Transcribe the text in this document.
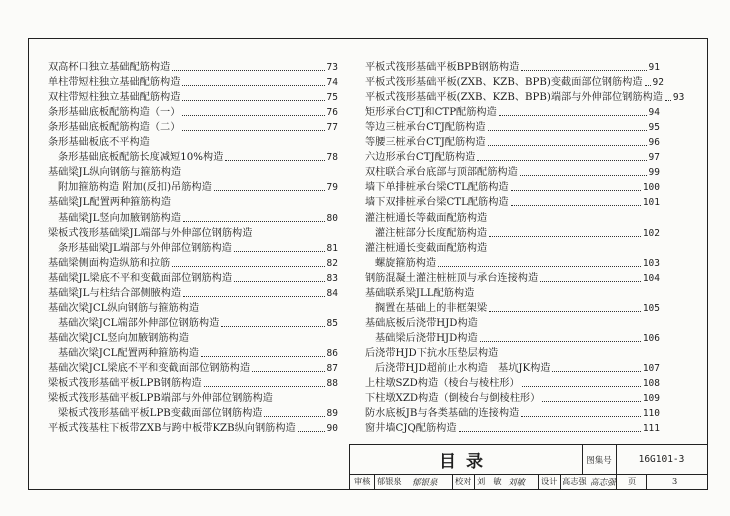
双高杯口独立基础配筋构造	73
单柱带短柱独立基础配筋构造	74
双柱带短柱独立基础配筋构造	75
条形基础底板配筋构造（一）	76
条形基础底板配筋构造（二）	77
条形基础板底不平构造
条形基础底板配筋长度减短10%构造	78
基础梁JL纵向钢筋与箍筋构造
附加箍筋构造 附加(反扣)吊筋构造	79
基础梁JL配置两种箍筋构造
基础梁JL竖向加腋钢筋构造	80
梁板式筏形基础梁JL端部与外伸部位钢筋构造
条形基础梁JL端部与外伸部位钢筋构造	81
基础梁侧面构造纵筋和拉筋	82
基础梁JL梁底不平和变截面部位钢筋构造	83
基础梁JL与柱结合部侧腋构造	84
基础次梁JCL纵向钢筋与箍筋构造
基础次梁JCL端部外伸部位钢筋构造	85
基础次梁JCL竖向加腋钢筋构造
基础次梁JCL配置两种箍筋构造	86
基础次梁JCL梁底不平和变截面部位钢筋构造	87
梁板式筏形基础平板LPB钢筋构造	88
梁板式筏形基础平板LPB端部与外伸部位钢筋构造
梁板式筏形基础平板LPB变截面部位钢筋构造	89
平板式筏基柱下板带ZXB与跨中板带KZB纵向钢筋构造	90
平板式筏形基础平板BPB钢筋构造	91
平板式筏形基础平板(ZXB、KZB、BPB)变截面部位钢筋构造 92
平板式筏形基础平板(ZXB、KZB、BPB)端部与外伸部位钢筋构造 93
矩形承台CTJ和CTP配筋构造	94
等边三桩承台CTJ配筋构造	95
等腰三桩承台CTJ配筋构造	96
六边形承台CTJ配筋构造	97
双柱联合承台底部与顶部配筋构造	99
墙下单排桩承台梁CTL配筋构造	100
墙下双排桩承台梁CTL配筋构造	101
灌注桩通长等截面配筋构造
灌注桩部分长度配筋构造	102
灌注桩通长变截面配筋构造
螺旋箍筋构造	103
钢筋混凝土灌注桩桩顶与承台连接构造	104
基础联系梁JLL配筋构造
搁置在基础上的非框架梁	105
基础底板后浇带HJD构造
基础梁后浇带HJD构造	106
后浇带HJD下抗水压垫层构造
后浇带HJD超前止水构造　基坑JK构造	107
上柱墩SZD构造（棱台与棱柱形）	108
下柱墩XZD构造（倒棱台与倒棱柱形）	109
防水底板JB与各类基础的连接构造	110
窗井墙CJQ配筋构造	111
目录	图集号	16G101-3
审核 郁银泉 郁银泉 校对 刘　敏 刘敏 设计 高志强 高志强 页	3
